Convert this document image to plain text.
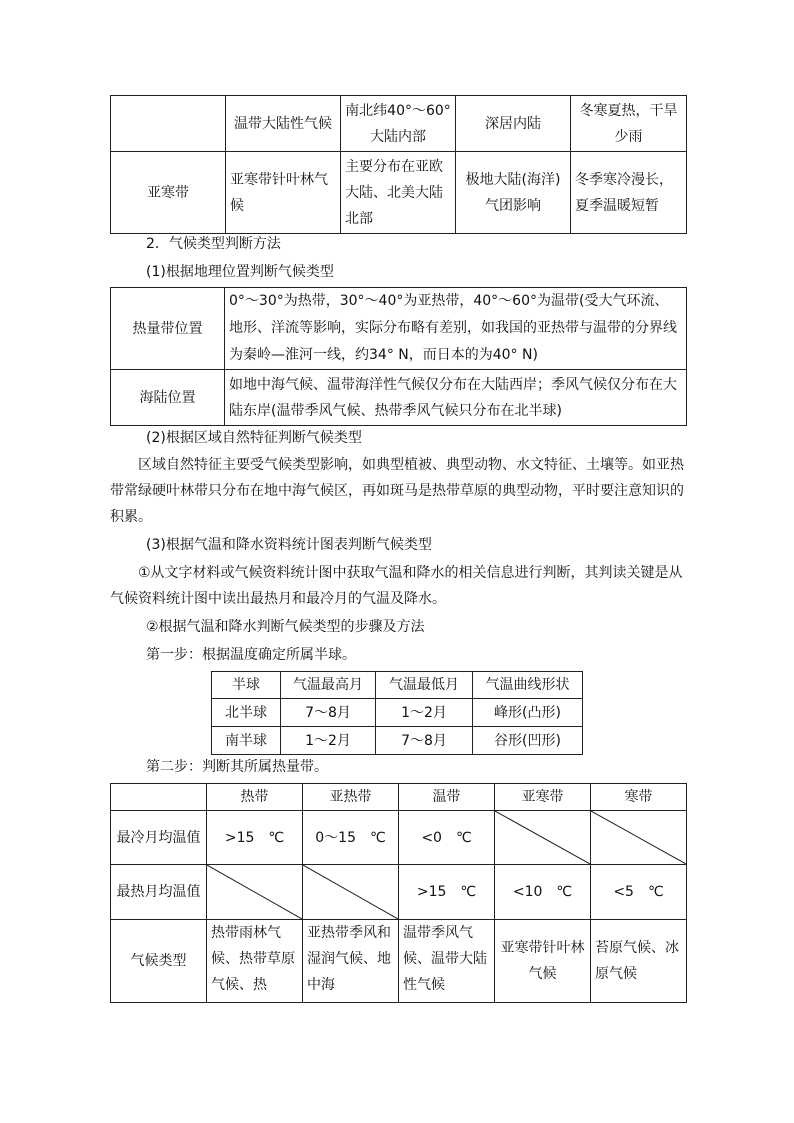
	温带大陆性气候	南北纬40°～60°大陆内部	深居内陆	冬寒夏热，干旱少雨
亚寒带	亚寒带针叶林气候	主要分布在亚欧大陆、北美大陆北部	极地大陆(海洋)气团影响	冬季寒冷漫长，夏季温暖短暂

2．气候类型判断方法

(1)根据地理位置判断气候类型

热量带位置	0°～30°为热带，30°～40°为亚热带，40°～60°为温带(受大气环流、地形、洋流等影响，实际分布略有差别，如我国的亚热带与温带的分界线为秦岭—淮河一线，约34° N，而日本的为40° N)
海陆位置	如地中海气候、温带海洋性气候仅分布在大陆西岸；季风气候仅分布在大陆东岸(温带季风气候、热带季风气候只分布在北半球)

(2)根据区域自然特征判断气候类型

区域自然特征主要受气候类型影响，如典型植被、典型动物、水文特征、土壤等。如亚热带常绿硬叶林带只分布在地中海气候区，再如斑马是热带草原的典型动物，平时要注意知识的积累。

(3)根据气温和降水资料统计图表判断气候类型

①从文字材料或气候资料统计图中获取气温和降水的相关信息进行判断，其判读关键是从气候资料统计图中读出最热月和最冷月的气温及降水。

②根据气温和降水判断气候类型的步骤及方法

第一步：根据温度确定所属半球。

半球	气温最高月	气温最低月	气温曲线形状
北半球	7～8月	1～2月	峰形(凸形)
南半球	1～2月	7～8月	谷形(凹形)

第二步：判断其所属热量带。

	热带	亚热带	温带	亚寒带	寒带
最冷月均温值	>15　℃	0～15　℃	<0　℃	

最热月均温值			>15　℃	<10　℃	<5　℃
气候类型	热带雨林气候、热带草原气候、热	亚热带季风和湿润气候、地中海	温带季风气候、温带大陆性气候	亚寒带针叶林气候	苔原气候、冰原气候
